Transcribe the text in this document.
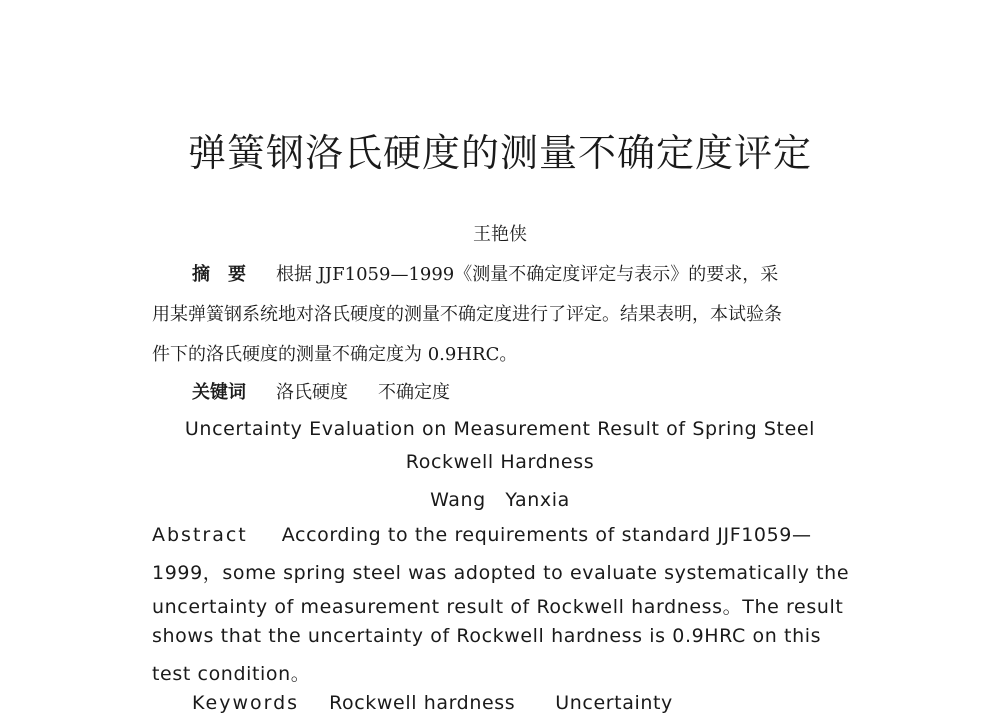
弹簧钢洛氏硬度的测量不确定度评定
王艳侠
摘　要 根据 JJF1059—1999《测量不确定度评定与表示》的要求，采
用某弹簧钢系统地对洛氏硬度的测量不确定度进行了评定。结果表明，本试验条
件下的洛氏硬度的测量不确定度为 0.9HRC。
关键词 洛氏硬度 不确定度
Uncertainty Evaluation on Measurement Result of Spring Steel
Rockwell Hardness
Wang　Yanxia
Abstract According to the requirements of standard JJF1059—
1999，some spring steel was adopted to evaluate systematically the
uncertainty of measurement result of Rockwell hardness。The result
shows that the uncertainty of Rockwell hardness is 0.9HRC on this
test condition。
Keywords Rockwell hardness Uncertainty
